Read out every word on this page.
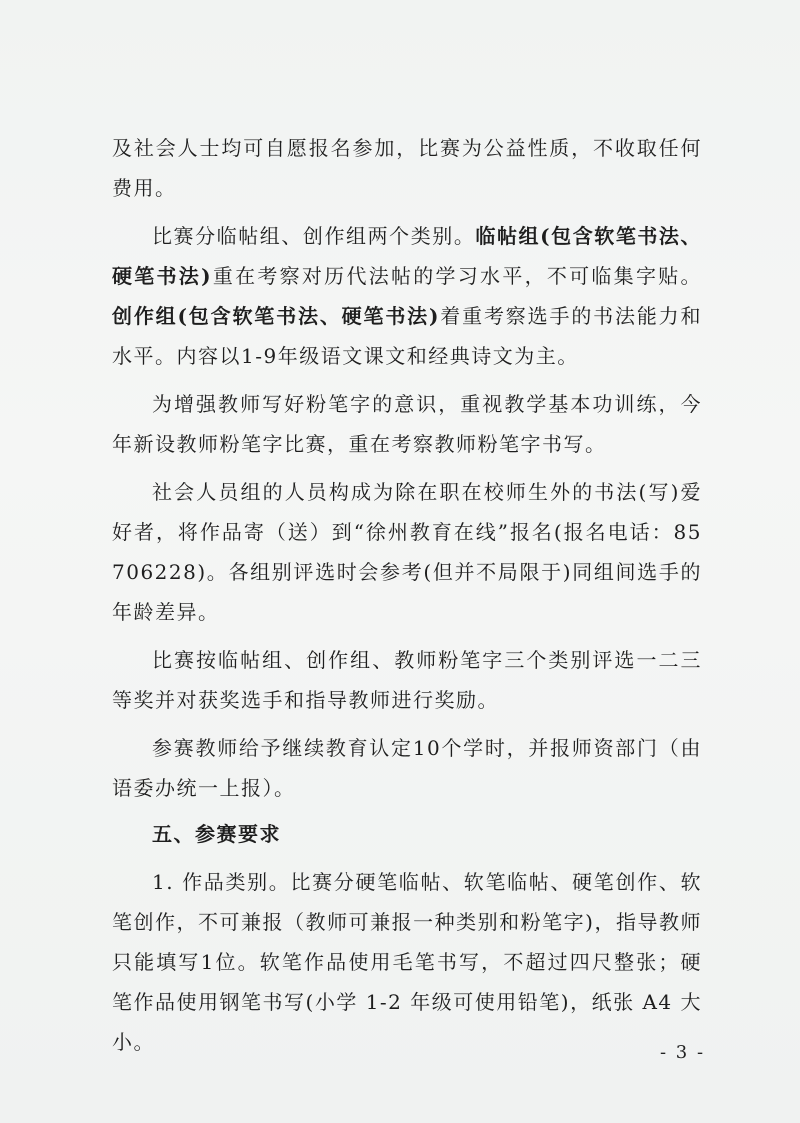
及社会人士均可自愿报名参加，比赛为公益性质，不收取任何费用。

比赛分临帖组、创作组两个类别。临帖组(包含软笔书法、硬笔书法)重在考察对历代法帖的学习水平，不可临集字贴。创作组(包含软笔书法、硬笔书法)着重考察选手的书法能力和水平。内容以1-9年级语文课文和经典诗文为主。

为增强教师写好粉笔字的意识，重视教学基本功训练，今年新设教师粉笔字比赛，重在考察教师粉笔字书写。

社会人员组的人员构成为除在职在校师生外的书法(写)爱好者，将作品寄（送）到“徐州教育在线”报名(报名电话：85706228)。各组别评选时会参考(但并不局限于)同组间选手的年龄差异。

比赛按临帖组、创作组、教师粉笔字三个类别评选一二三等奖并对获奖选手和指导教师进行奖励。

参赛教师给予继续教育认定10个学时，并报师资部门（由语委办统一上报）。

五、参赛要求

1. 作品类别。比赛分硬笔临帖、软笔临帖、硬笔创作、软笔创作，不可兼报（教师可兼报一种类别和粉笔字)，指导教师只能填写1位。软笔作品使用毛笔书写，不超过四尺整张；硬笔作品使用钢笔书写(小学 1-2 年级可使用铅笔)，纸张 A4 大小。	- 3 -
